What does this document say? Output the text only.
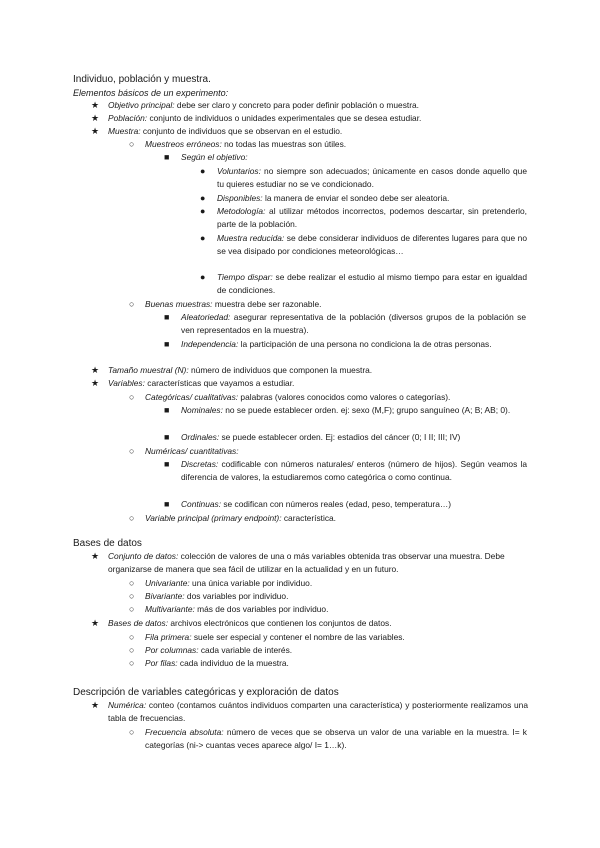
Individuo, población y muestra.
Elementos básicos de un experimento:
★ Objetivo principal: debe ser claro y concreto para poder definir población o muestra.
★ Población: conjunto de individuos o unidades experimentales que se desea estudiar.
★ Muestra: conjunto de individuos que se observan en el estudio.
○ Muestreos erróneos: no todas las muestras son útiles.
■ Según el objetivo:
● Voluntarios: no siempre son adecuados; únicamente en casos donde aquello que tu quieres estudiar no se ve condicionado.
● Disponibles: la manera de enviar el sondeo debe ser aleatoria.
● Metodología: al utilizar métodos incorrectos, podemos descartar, sin pretenderlo, parte de la población.
● Muestra reducida: se debe considerar individuos de diferentes lugares para que no se vea disipado por condiciones meteorológicas…
● Tiempo dispar: se debe realizar el estudio al mismo tiempo para estar en igualdad de condiciones.
○ Buenas muestras: muestra debe ser razonable.
■ Aleatoriedad: asegurar representativa de la población (diversos grupos de la población se ven representados en la muestra).
■ Independencia: la participación de una persona no condiciona la de otras personas.
★ Tamaño muestral (N): número de individuos que componen la muestra.
★ Variables: características que vayamos a estudiar.
○ Categóricas/ cualitativas: palabras (valores conocidos como valores o categorías).
■ Nominales: no se puede establecer orden. ej: sexo (M,F); grupo sanguíneo (A; B; AB; 0).
■ Ordinales: se puede establecer orden. Ej: estadios del cáncer (0; I II; III; IV)
○ Numéricas/ cuantitativas:
■ Discretas: codificable con números naturales/ enteros (número de hijos). Según veamos la diferencia de valores, la estudiaremos como categórica o como continua.
■ Continuas: se codifican con números reales (edad, peso, temperatura…)
○ Variable principal (primary endpoint): característica.
Bases de datos
★ Conjunto de datos: colección de valores de una o más variables obtenida tras observar una muestra. Debe organizarse de manera que sea fácil de utilizar en la actualidad y en un futuro.
○ Univariante: una única variable por individuo.
○ Bivariante: dos variables por individuo.
○ Multivariante: más de dos variables por individuo.
★ Bases de datos: archivos electrónicos que contienen los conjuntos de datos.
○ Fila primera: suele ser especial y contener el nombre de las variables.
○ Por columnas: cada variable de interés.
○ Por filas: cada individuo de la muestra.
Descripción de variables categóricas y exploración de datos
★ Numérica: conteo (contamos cuántos individuos comparten una característica) y posteriormente realizamos una tabla de frecuencias.
○ Frecuencia absoluta: número de veces que se observa un valor de una variable en la muestra. I= k categorías (ni-> cuantas veces aparece algo/ I= 1…k).
